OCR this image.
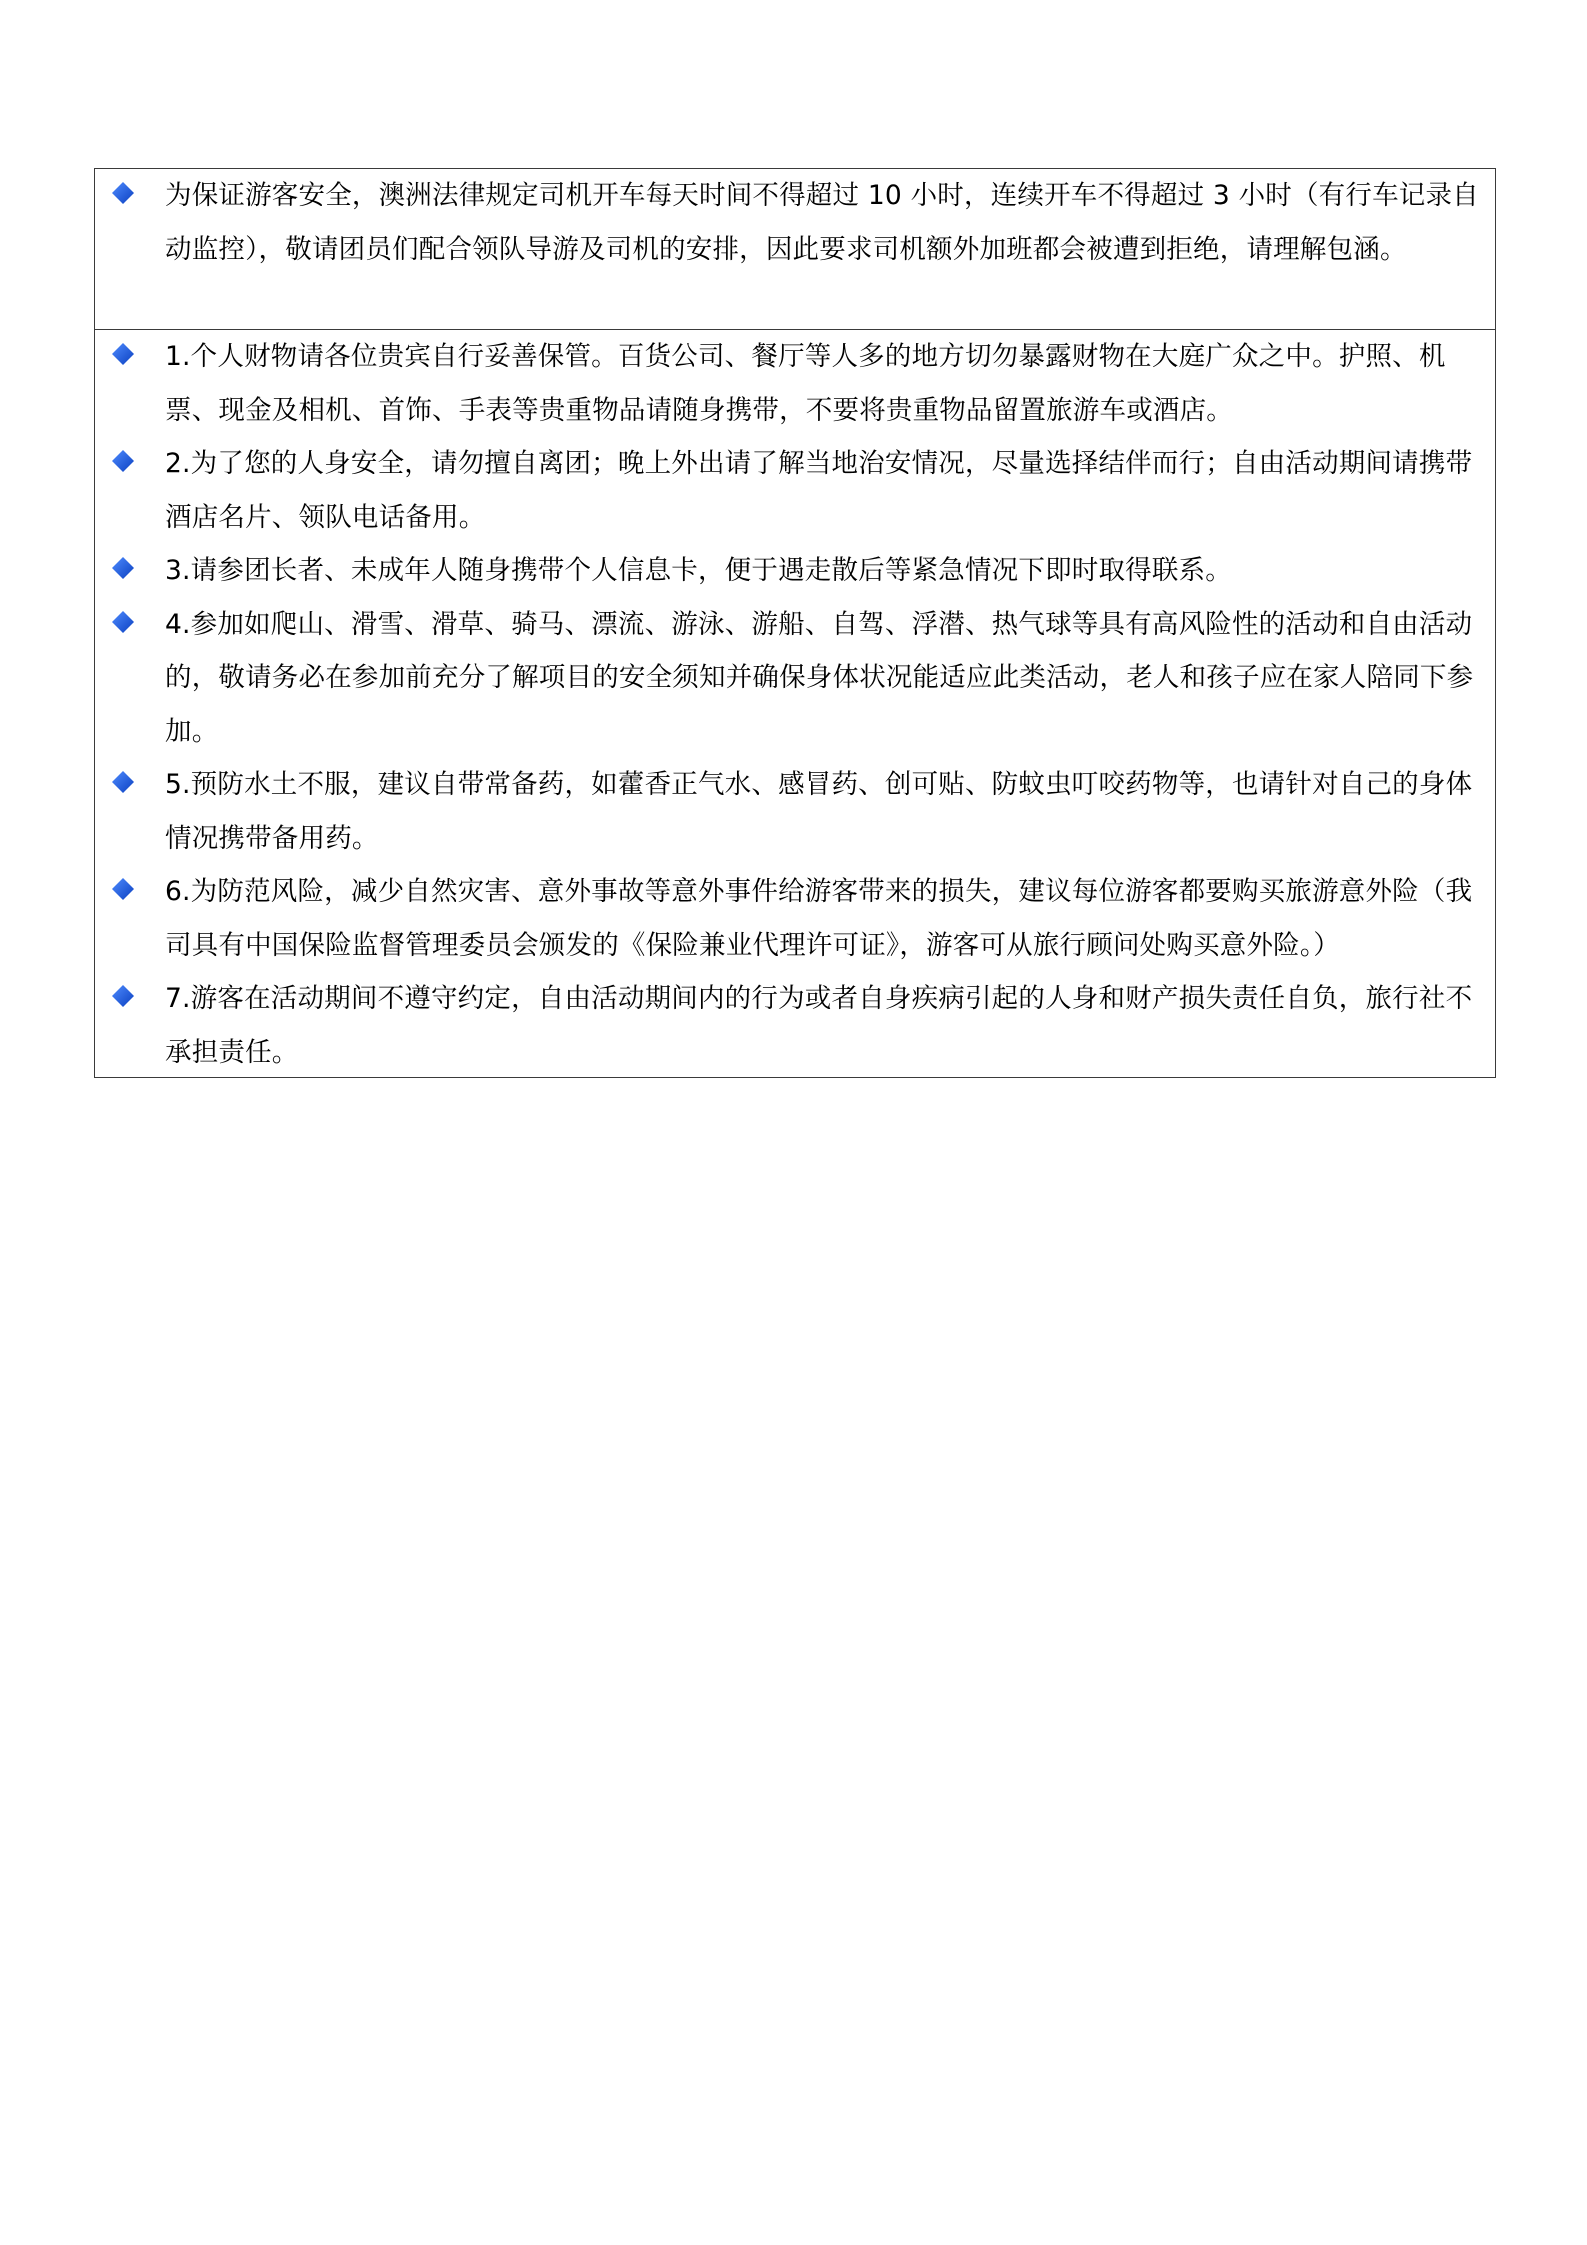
为保证游客安全，澳洲法律规定司机开车每天时间不得超过 10 小时，连续开车不得超过 3 小时（有行车记录自动监控），敬请团员们配合领队导游及司机的安排，因此要求司机额外加班都会被遭到拒绝，请理解包涵。
1.个人财物请各位贵宾自行妥善保管。百货公司、餐厅等人多的地方切勿暴露财物在大庭广众之中。护照、机票、现金及相机、首饰、手表等贵重物品请随身携带，不要将贵重物品留置旅游车或酒店。
2.为了您的人身安全，请勿擅自离团；晚上外出请了解当地治安情况，尽量选择结伴而行；自由活动期间请携带酒店名片、领队电话备用。
3.请参团长者、未成年人随身携带个人信息卡，便于遇走散后等紧急情况下即时取得联系。
4.参加如爬山、滑雪、滑草、骑马、漂流、游泳、游船、自驾、浮潜、热气球等具有高风险性的活动和自由活动的，敬请务必在参加前充分了解项目的安全须知并确保身体状况能适应此类活动，老人和孩子应在家人陪同下参加。
5.预防水土不服，建议自带常备药，如藿香正气水、感冒药、创可贴、防蚊虫叮咬药物等，也请针对自己的身体情况携带备用药。
6.为防范风险，减少自然灾害、意外事故等意外事件给游客带来的损失，建议每位游客都要购买旅游意外险（我司具有中国保险监督管理委员会颁发的《保险兼业代理许可证》，游客可从旅行顾问处购买意外险。）
7.游客在活动期间不遵守约定，自由活动期间内的行为或者自身疾病引起的人身和财产损失责任自负，旅行社不承担责任。
